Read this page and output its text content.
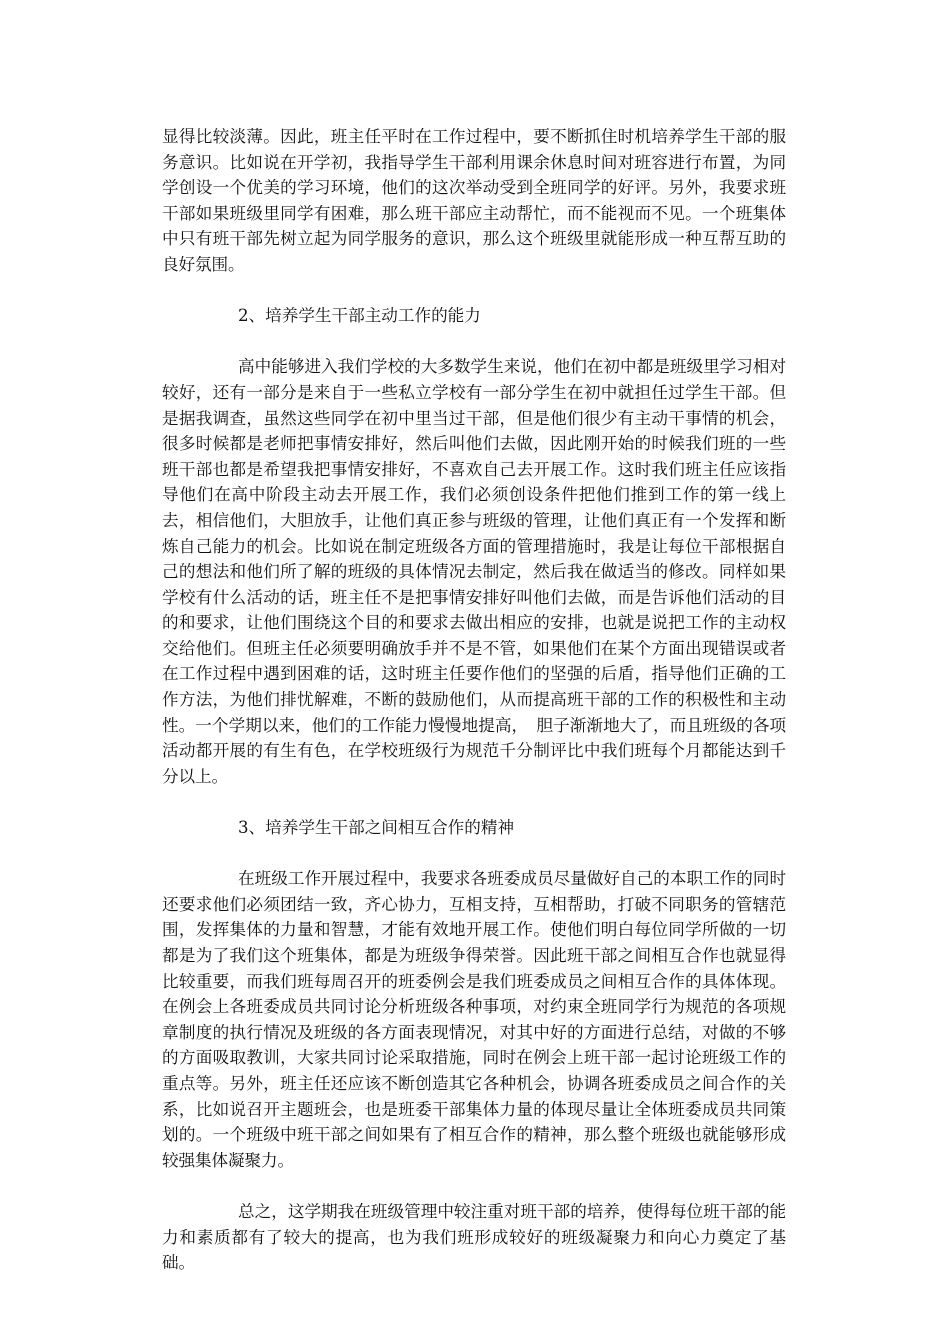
显得比较淡薄。因此，班主任平时在工作过程中，要不断抓住时机培养学生干部的服务意识。比如说在开学初，我指导学生干部利用课余休息时间对班容进行布置，为同学创设一个优美的学习环境，他们的这次举动受到全班同学的好评。另外，我要求班干部如果班级里同学有困难，那么班干部应主动帮忙，而不能视而不见。一个班集体中只有班干部先树立起为同学服务的意识，那么这个班级里就能形成一种互帮互助的良好氛围。

2、培养学生干部主动工作的能力

高中能够进入我们学校的大多数学生来说，他们在初中都是班级里学习相对较好，还有一部分是来自于一些私立学校有一部分学生在初中就担任过学生干部。但是据我调查，虽然这些同学在初中里当过干部，但是他们很少有主动干事情的机会，很多时候都是老师把事情安排好，然后叫他们去做，因此刚开始的时候我们班的一些班干部也都是希望我把事情安排好，不喜欢自己去开展工作。这时我们班主任应该指导他们在高中阶段主动去开展工作，我们必须创设条件把他们推到工作的第一线上去，相信他们，大胆放手，让他们真正参与班级的管理，让他们真正有一个发挥和断炼自己能力的机会。比如说在制定班级各方面的管理措施时，我是让每位干部根据自己的想法和他们所了解的班级的具体情况去制定，然后我在做适当的修改。同样如果学校有什么活动的话，班主任不是把事情安排好叫他们去做，而是告诉他们活动的目的和要求，让他们围绕这个目的和要求去做出相应的安排，也就是说把工作的主动权交给他们。但班主任必须要明确放手并不是不管，如果他们在某个方面出现错误或者在工作过程中遇到困难的话，这时班主任要作他们的坚强的后盾，指导他们正确的工作方法，为他们排忧解难，不断的鼓励他们，从而提高班干部的工作的积极性和主动性。一个学期以来，他们的工作能力慢慢地提高，　胆子渐渐地大了，而且班级的各项活动都开展的有生有色，在学校班级行为规范千分制评比中我们班每个月都能达到千分以上。

3、培养学生干部之间相互合作的精神

在班级工作开展过程中，我要求各班委成员尽量做好自己的本职工作的同时还要求他们必须团结一致，齐心协力，互相支持，互相帮助，打破不同职务的管辖范围，发挥集体的力量和智慧，才能有效地开展工作。使他们明白每位同学所做的一切都是为了我们这个班集体，都是为班级争得荣誉。因此班干部之间相互合作也就显得比较重要，而我们班每周召开的班委例会是我们班委成员之间相互合作的具体体现。在例会上各班委成员共同讨论分析班级各种事项，对约束全班同学行为规范的各项规章制度的执行情况及班级的各方面表现情况，对其中好的方面进行总结，对做的不够的方面吸取教训，大家共同讨论采取措施，同时在例会上班干部一起讨论班级工作的重点等。另外，班主任还应该不断创造其它各种机会，协调各班委成员之间合作的关系，比如说召开主题班会，也是班委干部集体力量的体现尽量让全体班委成员共同策划的。一个班级中班干部之间如果有了相互合作的精神，那么整个班级也就能够形成较强集体凝聚力。

总之，这学期我在班级管理中较注重对班干部的培养，使得每位班干部的能力和素质都有了较大的提高，也为我们班形成较好的班级凝聚力和向心力奠定了基础。
